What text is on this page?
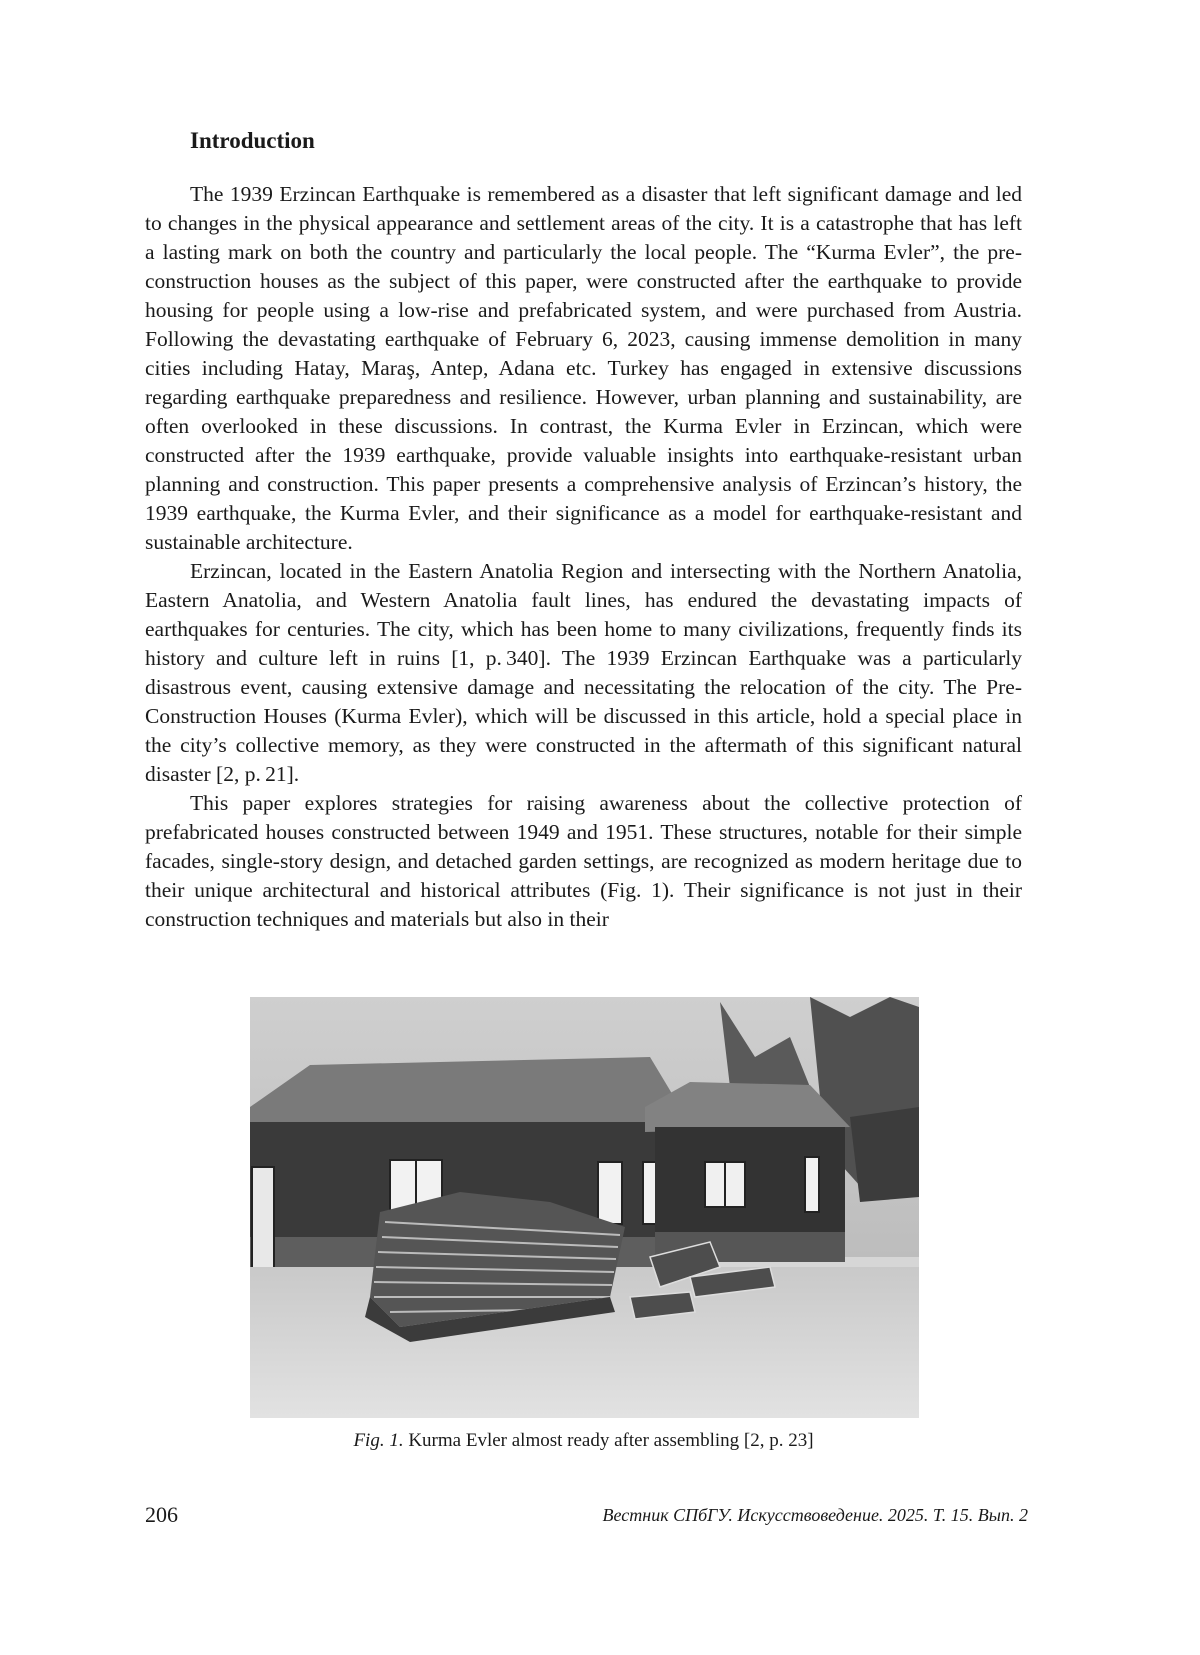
Introduction

The 1939 Erzincan Earthquake is remembered as a disaster that left significant damage and led to changes in the physical appearance and settlement areas of the city. It is a catastrophe that has left a lasting mark on both the country and particularly the local people. The “Kurma Evler”, the pre-construction houses as the subject of this paper, were constructed after the earthquake to provide housing for people using a low-rise and prefabricated system, and were purchased from Austria. Following the devastating earthquake of February 6, 2023, causing immense demolition in many cities including Hatay, Maraş, Antep, Adana etc. Turkey has engaged in extensive discussions regarding earthquake preparedness and resilience. However, urban planning and sustainability, are often overlooked in these discussions. In contrast, the Kurma Evler in Erzincan, which were constructed after the 1939 earthquake, provide valuable insights into earthquake-resistant urban planning and construction. This paper presents a comprehensive analysis of Erzincan’s history, the 1939 earthquake, the Kurma Evler, and their significance as a model for earthquake-resistant and sustainable architecture.

Erzincan, located in the Eastern Anatolia Region and intersecting with the Northern Anatolia, Eastern Anatolia, and Western Anatolia fault lines, has endured the devastating impacts of earthquakes for centuries. The city, which has been home to many civilizations, frequently finds its history and culture left in ruins [1, p. 340]. The 1939 Erzincan Earthquake was a particularly disastrous event, causing extensive damage and necessitating the relocation of the city. The Pre-Construction Houses (Kurma Evler), which will be discussed in this article, hold a special place in the city’s collective memory, as they were constructed in the aftermath of this significant natural disaster [2, p. 21].

This paper explores strategies for raising awareness about the collective protection of prefabricated houses constructed between 1949 and 1951. These structures, notable for their simple facades, single-story design, and detached garden settings, are recognized as modern heritage due to their unique architectural and historical attributes (Fig. 1). Their significance is not just in their construction techniques and materials but also in their

Fig. 1. Kurma Evler almost ready after assembling [2, p. 23]
206	Вестник СПбГУ. Искусствоведение. 2025. Т. 15. Вып. 2
